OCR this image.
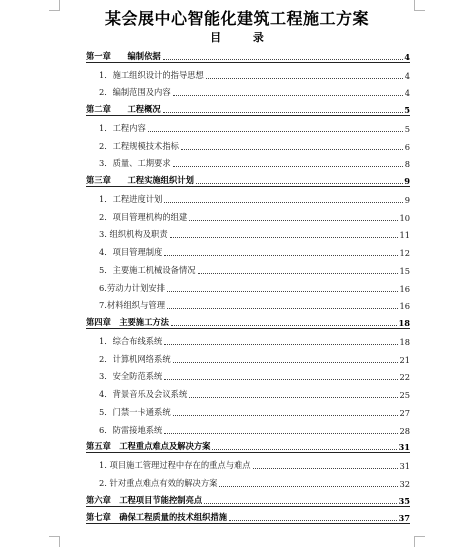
某会展中心智能化建筑工程施工方案
目 录
第一章　　编制依据	4
1．施工组织设计的指导思想	4
2．编制范围及内容	4
第二章　　工程概况	5
1．工程内容	5
2．工程规模技术指标	6
3．质量、工期要求	8
第三章　　工程实施组织计划	9
1．工程进度计划	9
2．项目管理机构的组建	10
3. 组织机构及职责	11
4．项目管理制度	12
5．主要施工机械设备情况	15
6.劳动力计划安排	16
7.材料组织与管理	16
第四章　主要施工方法	18
1．综合布线系统	18
2．计算机网络系统	21
3．安全防范系统	22
4．背景音乐及会议系统	25
5．门禁一卡通系统	27
6．防雷接地系统	28
第五章　工程重点难点及解决方案	31
1. 项目施工管理过程中存在的重点与难点	31
2. 针对重点难点有效的解决方案	32
第六章　工程项目节能控制亮点	35
第七章　确保工程质量的技术组织措施	37
